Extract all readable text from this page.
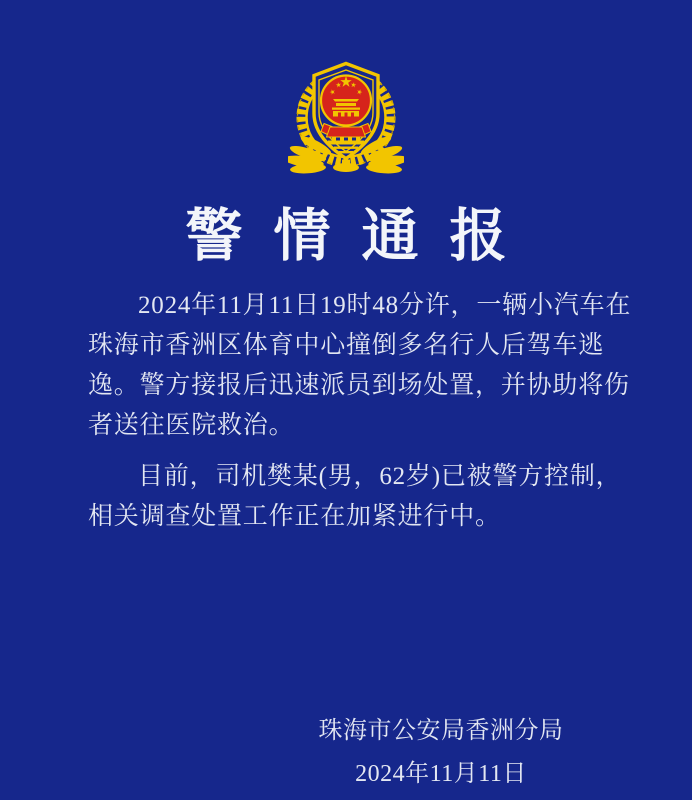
警情通报
2024年11月11日19时48分许，一辆小汽车在
珠海市香洲区体育中心撞倒多名行人后驾车逃
逸。警方接报后迅速派员到场处置，并协助将伤
者送往医院救治。
目前，司机樊某(男，62岁)已被警方控制，
相关调查处置工作正在加紧进行中。
珠海市公安局香洲分局
2024年11月11日
